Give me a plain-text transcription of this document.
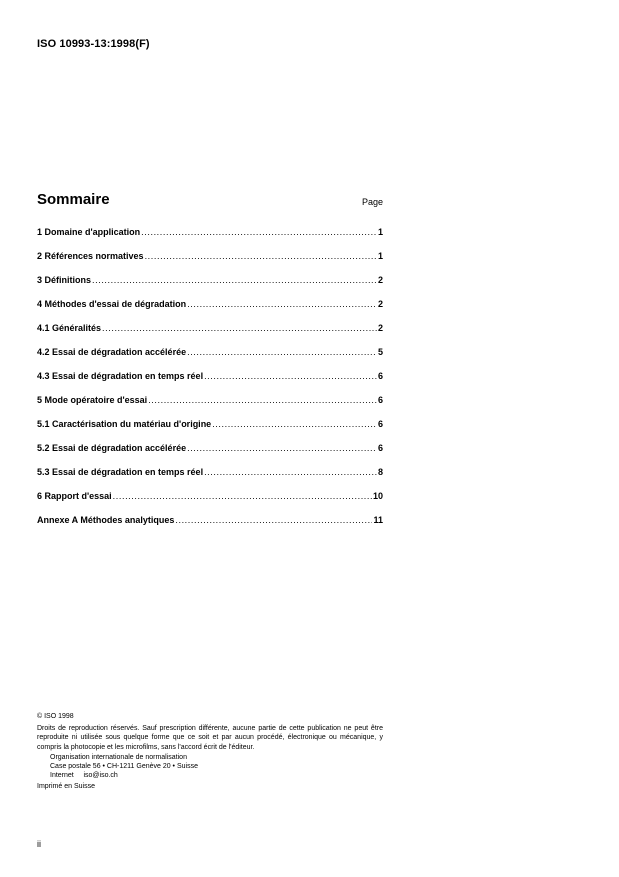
ISO 10993-13:1998(F)
Sommaire	Page
1 Domaine d'application .....	1
2 Références normatives .....	1
3 Définitions .....	2
4 Méthodes d'essai de dégradation .....	2
4.1 Généralités .....	2
4.2 Essai de dégradation accélérée .....	5
4.3 Essai de dégradation en temps réel .....	6
5 Mode opératoire d'essai .....	6
5.1 Caractérisation du matériau d'origine .....	6
5.2 Essai de dégradation accélérée .....	6
5.3 Essai de dégradation en temps réel .....	8
6 Rapport d'essai .....	10
Annexe A Méthodes analytiques .....	11
© ISO 1998
Droits de reproduction réservés. Sauf prescription différente, aucune partie de cette publication ne peut être reproduite ni utilisée sous quelque forme que ce soit et par aucun procédé, électronique ou mécanique, y compris la photocopie et les microfilms, sans l'accord écrit de l'éditeur.
Organisation internationale de normalisation
Case postale 56 • CH-1211 Genève 20 • Suisse
Internet     iso@iso.ch
Imprimé en Suisse
ii
